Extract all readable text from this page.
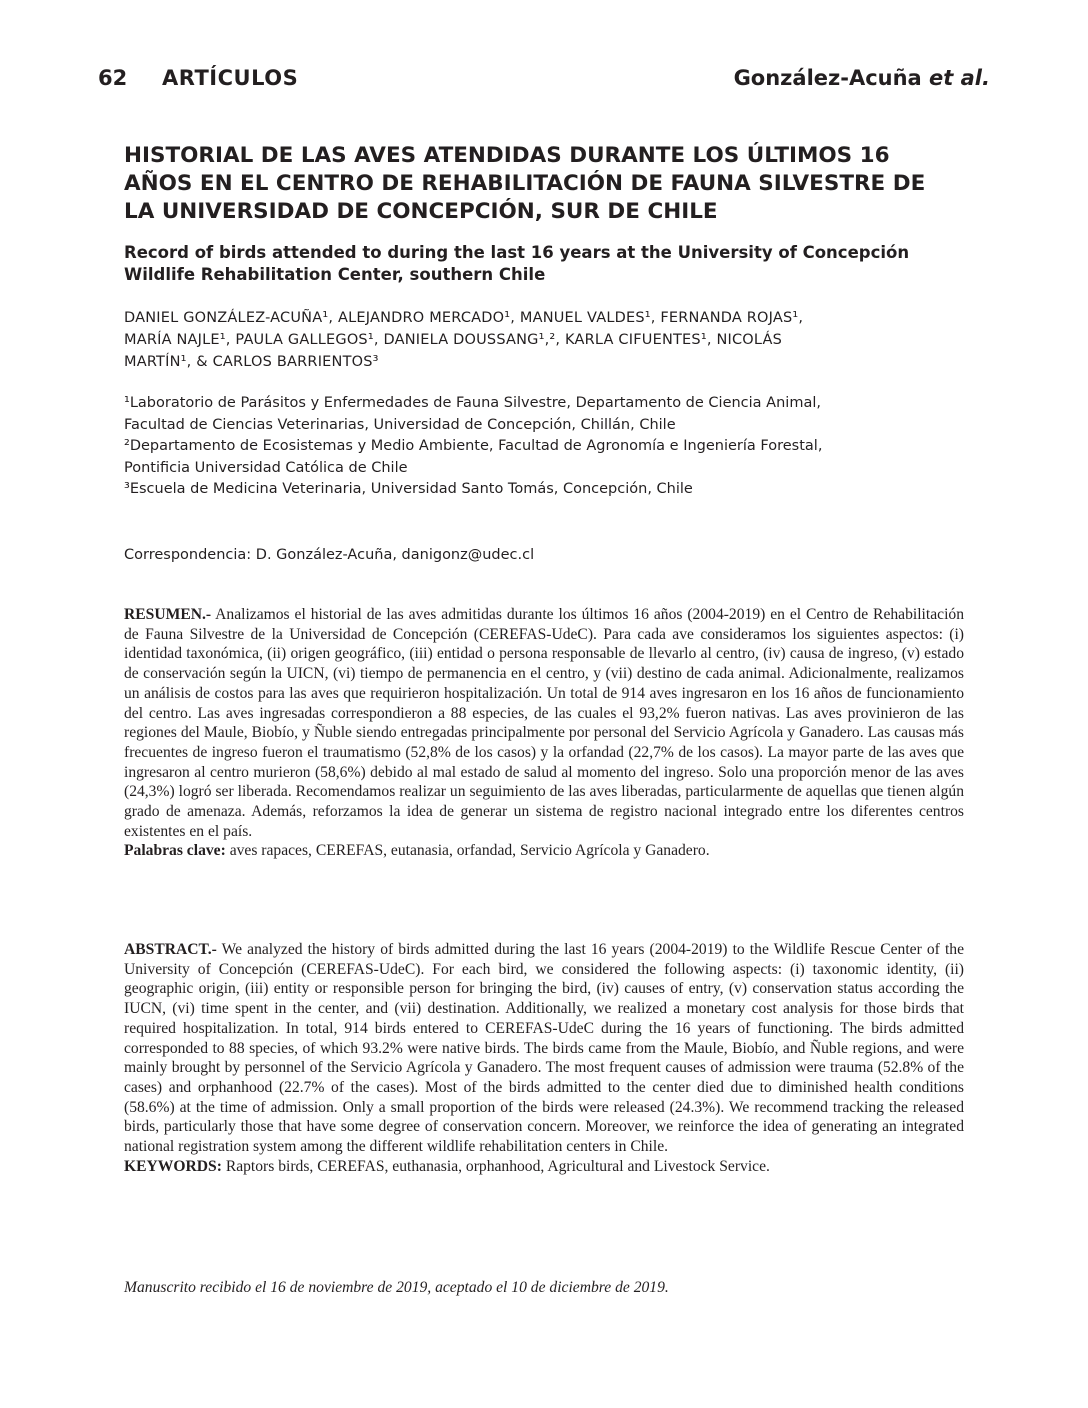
62 ARTÍCULOS	González-Acuña et al.
HISTORIAL DE LAS AVES ATENDIDAS DURANTE LOS ÚLTIMOS 16
AÑOS EN EL CENTRO DE REHABILITACIÓN DE FAUNA SILVESTRE DE
LA UNIVERSIDAD DE CONCEPCIÓN, SUR DE CHILE
Record of birds attended to during the last 16 years at the University of Concepción
Wildlife Rehabilitation Center, southern Chile
DANIEL GONZÁLEZ-ACUÑA¹, ALEJANDRO MERCADO¹, MANUEL VALDES¹, FERNANDA ROJAS¹,
MARÍA NAJLE¹, PAULA GALLEGOS¹, DANIELA DOUSSANG¹,², KARLA CIFUENTES¹, NICOLÁS
MARTÍN¹, & CARLOS BARRIENTOS³
¹Laboratorio de Parásitos y Enfermedades de Fauna Silvestre, Departamento de Ciencia Animal,
Facultad de Ciencias Veterinarias, Universidad de Concepción, Chillán, Chile
²Departamento de Ecosistemas y Medio Ambiente, Facultad de Agronomía e Ingeniería Forestal,
Pontificia Universidad Católica de Chile
³Escuela de Medicina Veterinaria, Universidad Santo Tomás, Concepción, Chile

Correspondencia: D. González-Acuña, danigonz@udec.cl

RESUMEN.- Analizamos el historial de las aves admitidas durante los últimos 16 años (2004-2019) en el Centro de Rehabilitación de Fauna Silvestre de la Universidad de Concepción (CEREFAS-UdeC). Para cada ave consideramos los siguientes aspectos: (i) identidad taxonómica, (ii) origen geográfico, (iii) entidad o persona responsable de llevarlo al centro, (iv) causa de ingreso, (v) estado de conservación según la UICN, (vi) tiempo de permanencia en el centro, y (vii) destino de cada animal. Adicionalmente, realizamos un análisis de costos para las aves que requirieron hospitalización. Un total de 914 aves ingresaron en los 16 años de funcionamiento del centro. Las aves ingresadas correspondieron a 88 especies, de las cuales el 93,2% fueron nativas. Las aves provinieron de las regiones del Maule, Biobío, y Ñuble siendo entregadas principalmente por personal del Servicio Agrícola y Ganadero. Las causas más frecuentes de ingreso fueron el traumatismo (52,8% de los casos) y la orfandad (22,7% de los casos). La mayor parte de las aves que ingresaron al centro murieron (58,6%) debido al mal estado de salud al momento del ingreso. Solo una proporción menor de las aves (24,3%) logró ser liberada. Recomendamos realizar un seguimiento de las aves liberadas, particularmente de aquellas que tienen algún grado de amenaza. Además, reforzamos la idea de generar un sistema de registro nacional integrado entre los diferentes centros existentes en el país.

Palabras clave: aves rapaces, CEREFAS, eutanasia, orfandad, Servicio Agrícola y Ganadero.

ABSTRACT.- We analyzed the history of birds admitted during the last 16 years (2004-2019) to the Wildlife Rescue Center of the University of Concepción (CEREFAS-UdeC). For each bird, we considered the following aspects: (i) taxonomic identity, (ii) geographic origin, (iii) entity or responsible person for bringing the bird, (iv) causes of entry, (v) conservation status according the IUCN, (vi) time spent in the center, and (vii) destination. Additionally, we realized a monetary cost analysis for those birds that required hospitalization. In total, 914 birds entered to CEREFAS-UdeC during the 16 years of functioning. The birds admitted corresponded to 88 species, of which 93.2% were native birds. The birds came from the Maule, Biobío, and Ñuble regions, and were mainly brought by personnel of the Servicio Agrícola y Ganadero. The most frequent causes of admission were trauma (52.8% of the cases) and orphanhood (22.7% of the cases). Most of the birds admitted to the center died due to diminished health conditions (58.6%) at the time of admission. Only a small proportion of the birds were released (24.3%). We recommend tracking the released birds, particularly those that have some degree of conservation concern. Moreover, we reinforce the idea of generating an integrated national registration system among the different wildlife rehabilitation centers in Chile.

KEYWORDS: Raptors birds, CEREFAS, euthanasia, orphanhood, Agricultural and Livestock Service.

Manuscrito recibido el 16 de noviembre de 2019, aceptado el 10 de diciembre de 2019.
